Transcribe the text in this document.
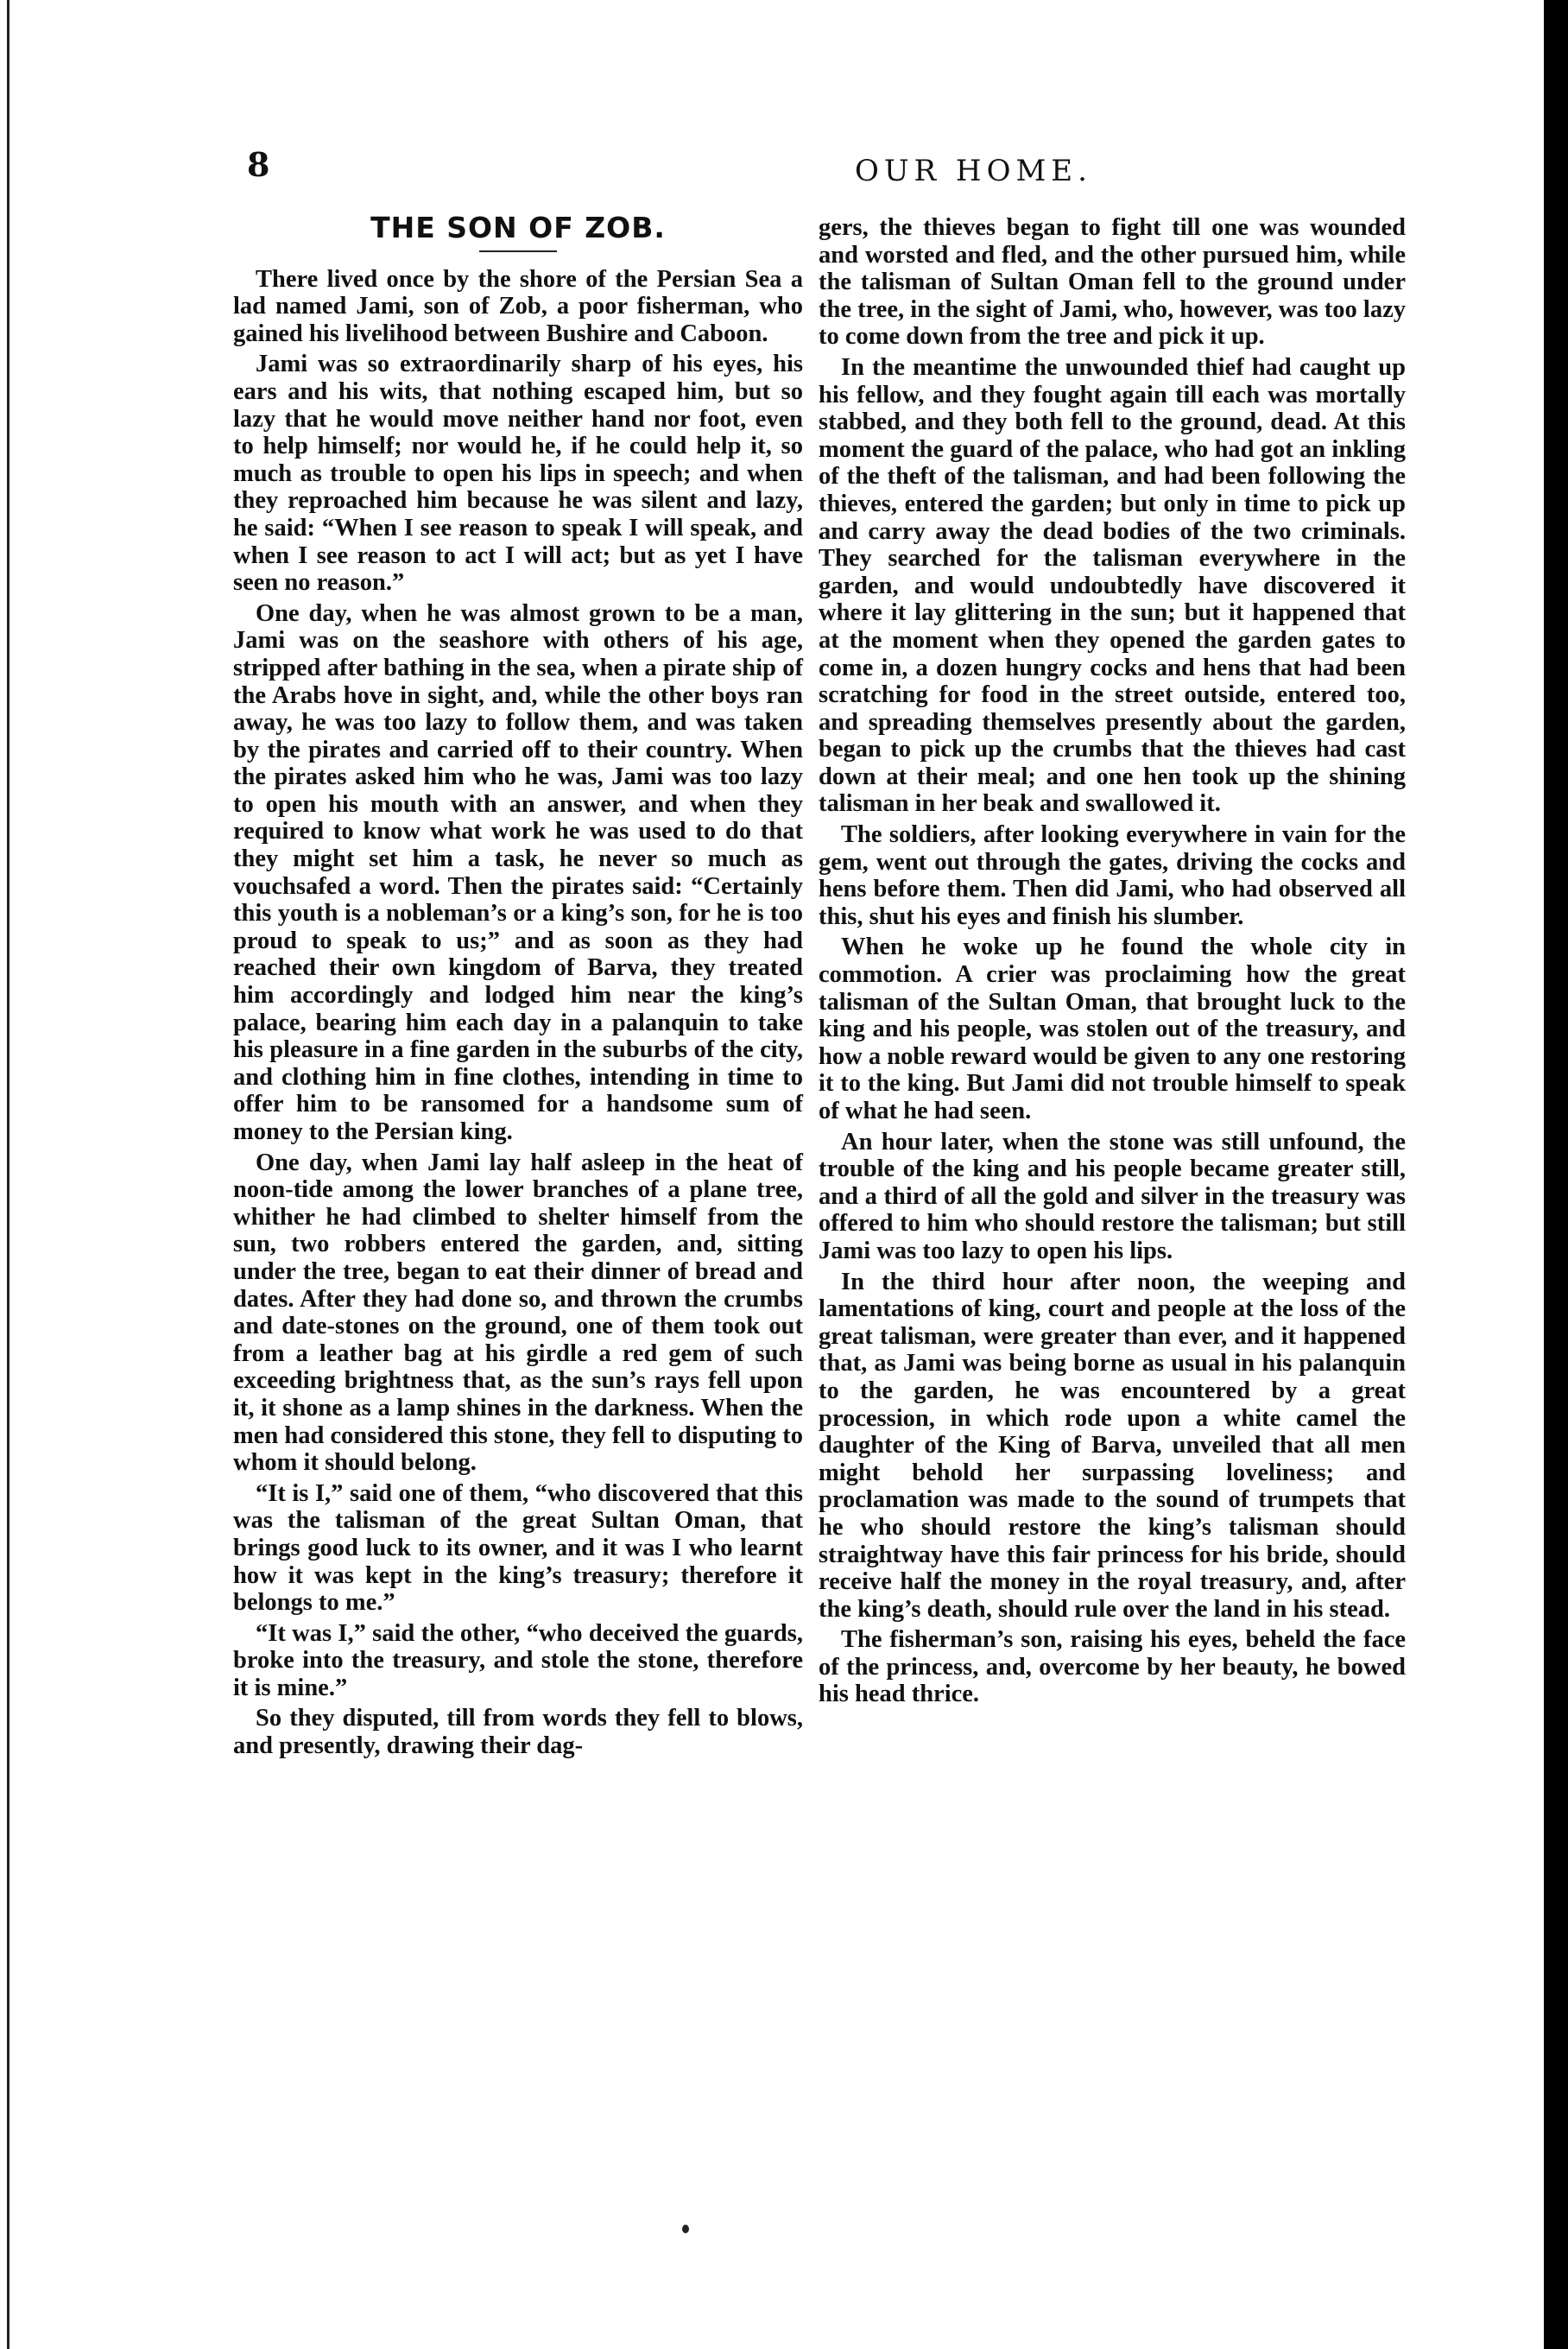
8	OUR HOME.
THE SON OF ZOB.

There lived once by the shore of the Persian Sea a lad named Jami, son of Zob, a poor fisherman, who gained his livelihood between Bushire and Caboon.

Jami was so extraordinarily sharp of his eyes, his ears and his wits, that nothing escaped him, but so lazy that he would move neither hand nor foot, even to help himself; nor would he, if he could help it, so much as trouble to open his lips in speech; and when they reproached him because he was silent and lazy, he said: “When I see reason to speak I will speak, and when I see reason to act I will act; but as yet I have seen no reason.”

One day, when he was almost grown to be a man, Jami was on the seashore with others of his age, stripped after bathing in the sea, when a pirate ship of the Arabs hove in sight, and, while the other boys ran away, he was too lazy to follow them, and was taken by the pirates and carried off to their country. When the pirates asked him who he was, Jami was too lazy to open his mouth with an answer, and when they required to know what work he was used to do that they might set him a task, he never so much as vouchsafed a word. Then the pirates said: “Certainly this youth is a nobleman’s or a king’s son, for he is too proud to speak to us;” and as soon as they had reached their own kingdom of Barva, they treated him accordingly and lodged him near the king’s palace, bearing him each day in a palanquin to take his pleasure in a fine garden in the suburbs of the city, and clothing him in fine clothes, intending in time to offer him to be ransomed for a handsome sum of money to the Persian king.

One day, when Jami lay half asleep in the heat of noon-tide among the lower branches of a plane tree, whither he had climbed to shelter himself from the sun, two robbers entered the garden, and, sitting under the tree, began to eat their dinner of bread and dates. After they had done so, and thrown the crumbs and date-stones on the ground, one of them took out from a leather bag at his girdle a red gem of such exceeding brightness that, as the sun’s rays fell upon it, it shone as a lamp shines in the darkness. When the men had considered this stone, they fell to disputing to whom it should belong.

“It is I,” said one of them, “who discovered that this was the talisman of the great Sultan Oman, that brings good luck to its owner, and it was I who learnt how it was kept in the king’s treasury; therefore it belongs to me.”

“It was I,” said the other, “who deceived the guards, broke into the treasury, and stole the stone, therefore it is mine.”

So they disputed, till from words they fell to blows, and presently, drawing their dag-

gers, the thieves began to fight till one was wounded and worsted and fled, and the other pursued him, while the talisman of Sultan Oman fell to the ground under the tree, in the sight of Jami, who, however, was too lazy to come down from the tree and pick it up.

In the meantime the unwounded thief had caught up his fellow, and they fought again till each was mortally stabbed, and they both fell to the ground, dead. At this moment the guard of the palace, who had got an inkling of the theft of the talisman, and had been following the thieves, entered the garden; but only in time to pick up and carry away the dead bodies of the two criminals. They searched for the talisman everywhere in the garden, and would undoubtedly have discovered it where it lay glittering in the sun; but it happened that at the moment when they opened the garden gates to come in, a dozen hungry cocks and hens that had been scratching for food in the street outside, entered too, and spreading themselves presently about the garden, began to pick up the crumbs that the thieves had cast down at their meal; and one hen took up the shining talisman in her beak and swallowed it.

The soldiers, after looking everywhere in vain for the gem, went out through the gates, driving the cocks and hens before them. Then did Jami, who had observed all this, shut his eyes and finish his slumber.

When he woke up he found the whole city in commotion. A crier was proclaiming how the great talisman of the Sultan Oman, that brought luck to the king and his people, was stolen out of the treasury, and how a noble reward would be given to any one restoring it to the king. But Jami did not trouble himself to speak of what he had seen.

An hour later, when the stone was still unfound, the trouble of the king and his people became greater still, and a third of all the gold and silver in the treasury was offered to him who should restore the talisman; but still Jami was too lazy to open his lips.

In the third hour after noon, the weeping and lamentations of king, court and people at the loss of the great talisman, were greater than ever, and it happened that, as Jami was being borne as usual in his palanquin to the garden, he was encountered by a great procession, in which rode upon a white camel the daughter of the King of Barva, unveiled that all men might behold her surpassing loveliness; and proclamation was made to the sound of trumpets that he who should restore the king’s talisman should straightway have this fair princess for his bride, should receive half the money in the royal treasury, and, after the king’s death, should rule over the land in his stead.

The fisherman’s son, raising his eyes, beheld the face of the princess, and, overcome by her beauty, he bowed his head thrice.
